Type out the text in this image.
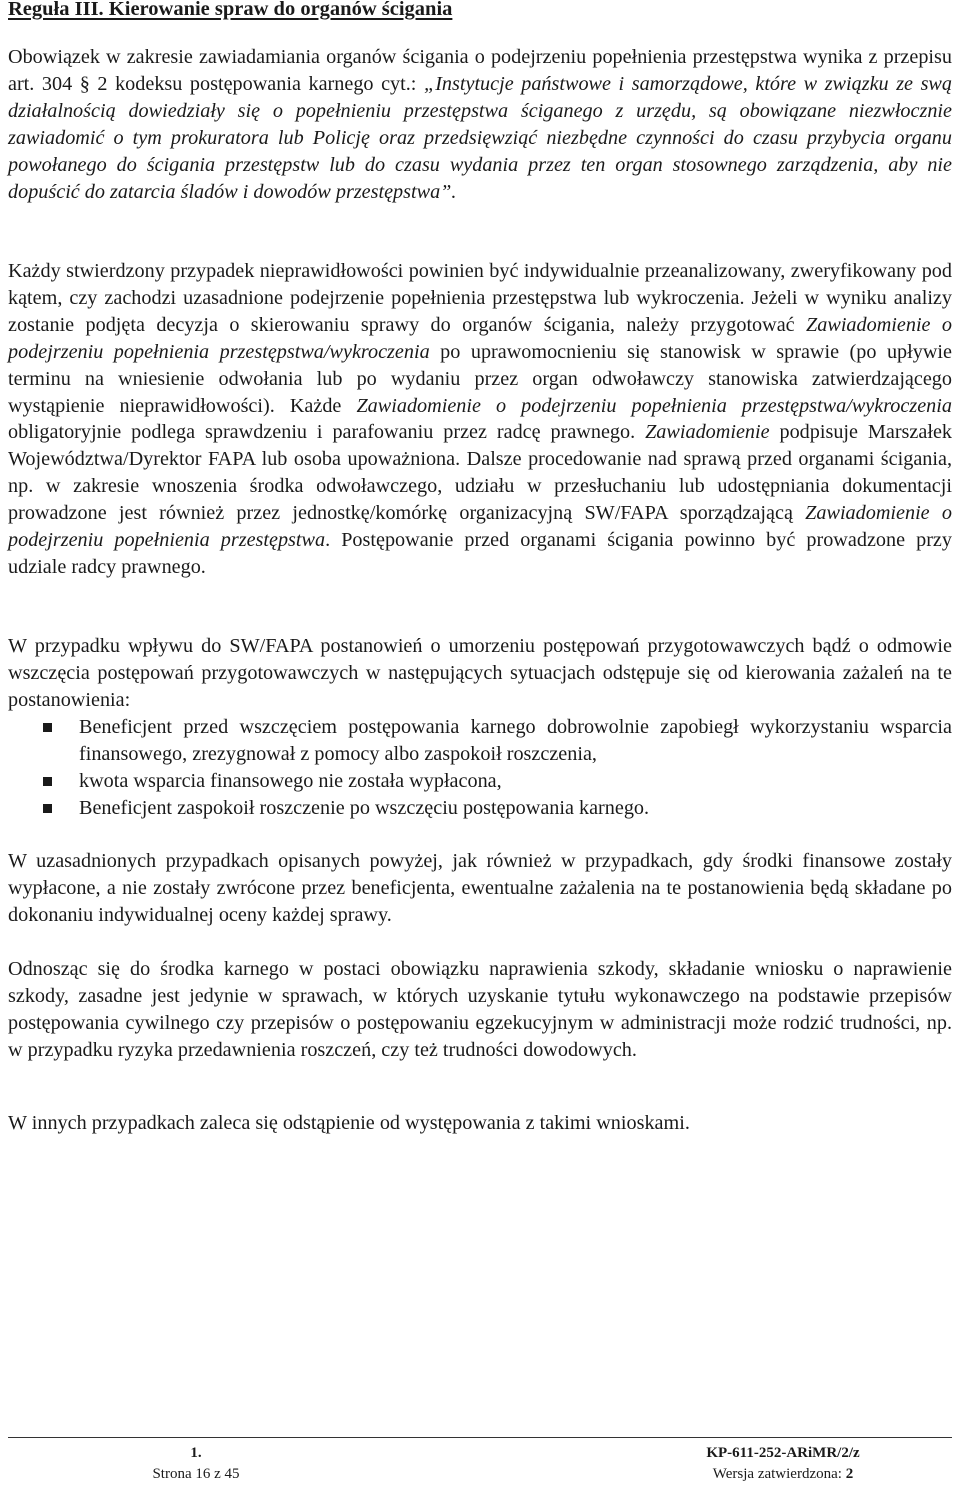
Reguła III. Kierowanie spraw do organów ścigania

Obowiązek w zakresie zawiadamiania organów ścigania o podejrzeniu popełnienia przestępstwa wynika z przepisu art. 304 § 2 kodeksu postępowania karnego cyt.: „Instytucje państwowe i samorządowe, które w związku ze swą działalnością dowiedziały się o popełnieniu przestępstwa ściganego z urzędu, są obowiązane niezwłocznie zawiadomić o tym prokuratora lub Policję oraz przedsięwziąć niezbędne czynności do czasu przybycia organu powołanego do ścigania przestępstw lub do czasu wydania przez ten organ stosownego zarządzenia, aby nie dopuścić do zatarcia śladów i dowodów przestępstwa”.

Każdy stwierdzony przypadek nieprawidłowości powinien być indywidualnie przeanalizowany, zweryfikowany pod kątem, czy zachodzi uzasadnione podejrzenie popełnienia przestępstwa lub wykroczenia. Jeżeli w wyniku analizy zostanie podjęta decyzja o skierowaniu sprawy do organów ścigania, należy przygotować Zawiadomienie o podejrzeniu popełnienia przestępstwa/wykroczenia po uprawomocnieniu się stanowisk w sprawie (po upływie terminu na wniesienie odwołania lub po wydaniu przez organ odwoławczy stanowiska zatwierdzającego wystąpienie nieprawidłowości). Każde Zawiadomienie o podejrzeniu popełnienia przestępstwa/wykroczenia obligatoryjnie podlega sprawdzeniu i parafowaniu przez radcę prawnego. Zawiadomienie podpisuje Marszałek Województwa/Dyrektor FAPA lub osoba upoważniona. Dalsze procedowanie nad sprawą przed organami ścigania, np. w zakresie wnoszenia środka odwoławczego, udziału w przesłuchaniu lub udostępniania dokumentacji prowadzone jest również przez jednostkę/komórkę organizacyjną SW/FAPA sporządzającą Zawiadomienie o podejrzeniu popełnienia przestępstwa. Postępowanie przed organami ścigania powinno być prowadzone przy udziale radcy prawnego.

W przypadku wpływu do SW/FAPA postanowień o umorzeniu postępowań przygotowawczych bądź o odmowie wszczęcia postępowań przygotowawczych w następujących sytuacjach odstępuje się od kierowania zażaleń na te postanowienia:

Beneficjent przed wszczęciem postępowania karnego dobrowolnie zapobiegł wykorzystaniu wsparcia finansowego, zrezygnował z pomocy albo zaspokoił roszczenia,
kwota wsparcia finansowego nie została wypłacona,
Beneficjent zaspokoił roszczenie po wszczęciu postępowania karnego.

W uzasadnionych przypadkach opisanych powyżej, jak również w przypadkach, gdy środki finansowe zostały wypłacone, a nie zostały zwrócone przez beneficjenta, ewentualne zażalenia na te postanowienia będą składane po dokonaniu indywidualnej oceny każdej sprawy.

Odnosząc się do środka karnego w postaci obowiązku naprawienia szkody, składanie wniosku o naprawienie szkody, zasadne jest jedynie w sprawach, w których uzyskanie tytułu wykonawczego na podstawie przepisów postępowania cywilnego czy przepisów o postępowaniu egzekucyjnym w administracji może rodzić trudności, np. w przypadku ryzyka przedawnienia roszczeń, czy też trudności dowodowych.

W innych przypadkach zaleca się odstąpienie od występowania z takimi wnioskami.

1.
Strona 16 z 45
KP-611-252-ARiMR/2/z
Wersja zatwierdzona: 2
